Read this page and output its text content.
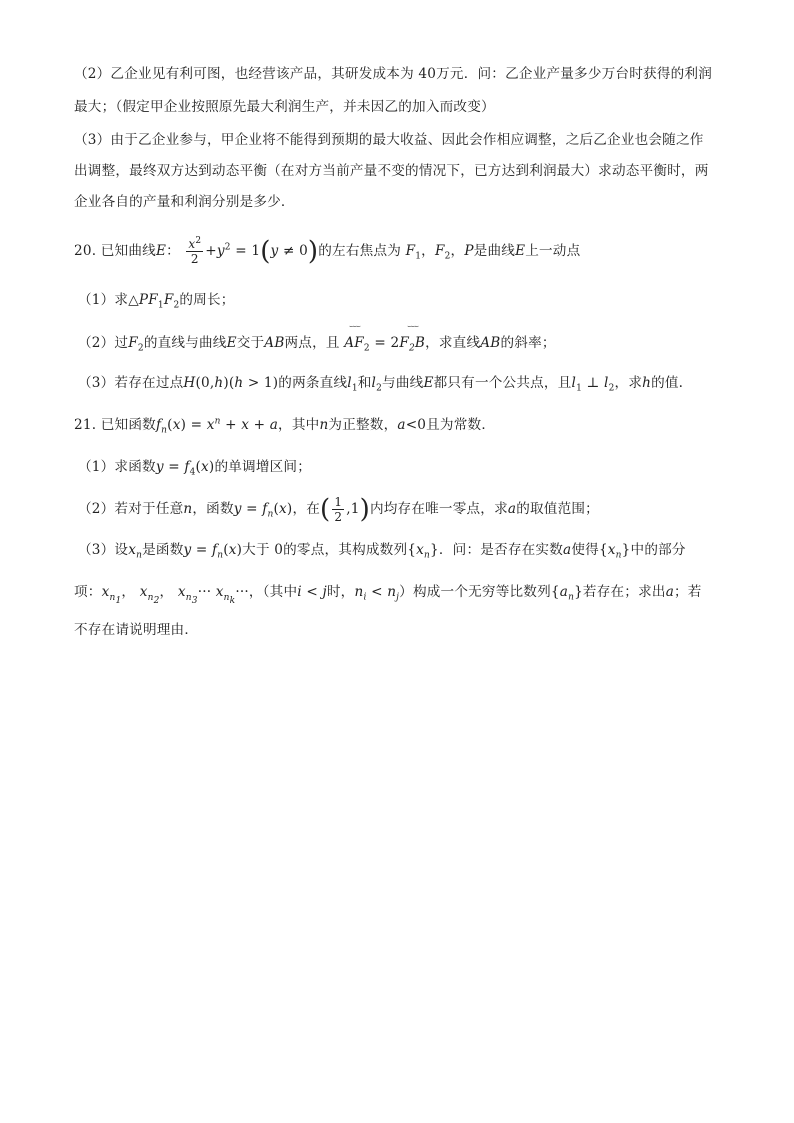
（2）乙企业见有利可图，也经营该产品，其研发成本为 40万元．问：乙企业产量多少万台时获得的利润
最大；（假定甲企业按照原先最大利润生产，并未因乙的加入而改变）
（3）由于乙企业参与，甲企业将不能得到预期的最大收益、因此会作相应调整，之后乙企业也会随之作
出调整，最终双方达到动态平衡（在对方当前产量不变的情况下，已方达到利润最大）求动态平衡时，两
企业各自的产量和利润分别是多少．
20. 已知曲线E： $\frac{x^2}{2} +y^2 = 1(y \ne 0)$的左右焦点为 $F_1$，$F_2$，P是曲线E上一动点
（1）求$\triangle PF_1F_2$的周长；
（2）过$F_2$的直线与曲线E交于AB两点，且 ⌣⌣⌣ $AF_2$ = 2⌣⌣⌣ $F_2B$，求直线AB的斜率；
（3）若存在过点H(0,h)(h > 1)的两条直线$l_1$和$l_2$与曲线E都只有一个公共点，且$l_1$ ⊥ $l_2$，求h的值.
21. 已知函数$f_n(x) = x^n + x + a$，其中n为正整数，a<0且为常数．
（1）求函数$y = f_4(x)$的单调增区间；
（2）若对于任意n，函数$y = f_n(x)$，在( $\frac{1}{2} ,1$)内均存在唯一零点，求a的取值范围；
（3）设$x_n$是函数$y = f_n(x)$大于 0的零点，其构成数列$\{x_n\}$．问：是否存在实数a使得$\{x_n\}$中的部分
项：$x_{n_1}$， $x_{n_2}$， $x_{n_3}\cdot\cdot\cdot x_{n_k}\cdot\cdot\cdot$，（其中i < j时，$n_i < n_j$）构成一个无穷等比数列$\{a_n\}$若存在；求出a；若
不存在请说明理由．
